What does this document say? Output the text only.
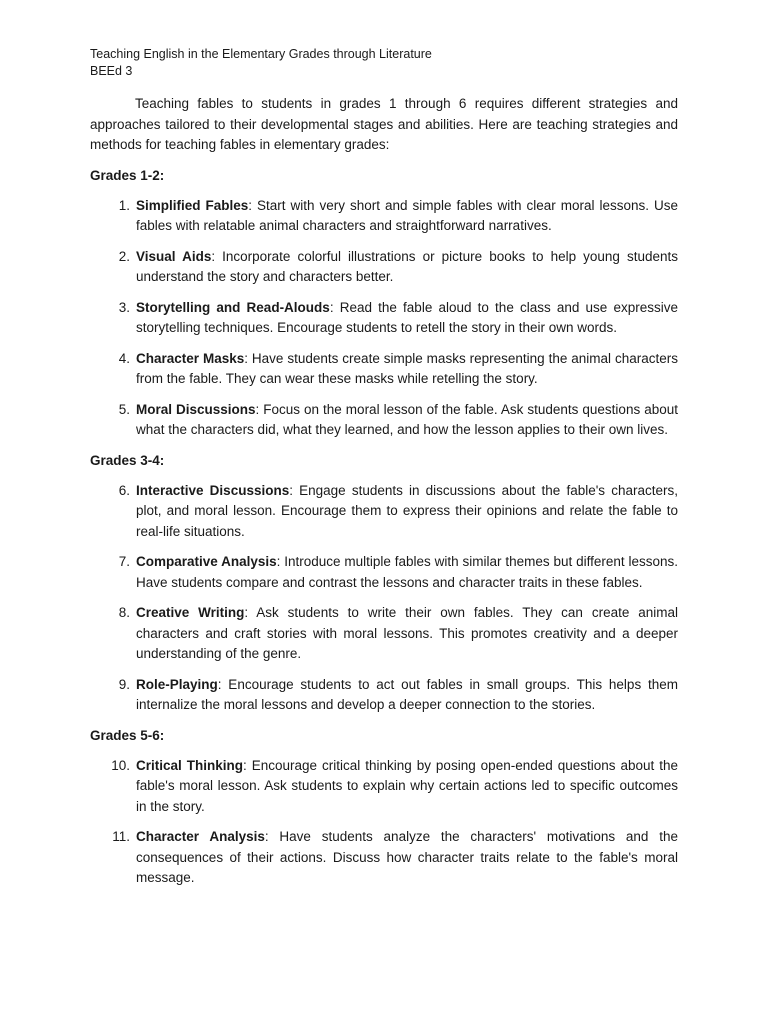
Teaching English in the Elementary Grades through Literature

BEEd 3

Teaching fables to students in grades 1 through 6 requires different strategies and approaches tailored to their developmental stages and abilities. Here are teaching strategies and methods for teaching fables in elementary grades:

Grades 1-2:

1. Simplified Fables: Start with very short and simple fables with clear moral lessons. Use fables with relatable animal characters and straightforward narratives.
2. Visual Aids: Incorporate colorful illustrations or picture books to help young students understand the story and characters better.
3. Storytelling and Read-Alouds: Read the fable aloud to the class and use expressive storytelling techniques. Encourage students to retell the story in their own words.
4. Character Masks: Have students create simple masks representing the animal characters from the fable. They can wear these masks while retelling the story.
5. Moral Discussions: Focus on the moral lesson of the fable. Ask students questions about what the characters did, what they learned, and how the lesson applies to their own lives.

Grades 3-4:

6. Interactive Discussions: Engage students in discussions about the fable's characters, plot, and moral lesson. Encourage them to express their opinions and relate the fable to real-life situations.
7. Comparative Analysis: Introduce multiple fables with similar themes but different lessons. Have students compare and contrast the lessons and character traits in these fables.
8. Creative Writing: Ask students to write their own fables. They can create animal characters and craft stories with moral lessons. This promotes creativity and a deeper understanding of the genre.
9. Role-Playing: Encourage students to act out fables in small groups. This helps them internalize the moral lessons and develop a deeper connection to the stories.

Grades 5-6:

10. Critical Thinking: Encourage critical thinking by posing open-ended questions about the fable's moral lesson. Ask students to explain why certain actions led to specific outcomes in the story.
11. Character Analysis: Have students analyze the characters' motivations and the consequences of their actions. Discuss how character traits relate to the fable's moral message.
